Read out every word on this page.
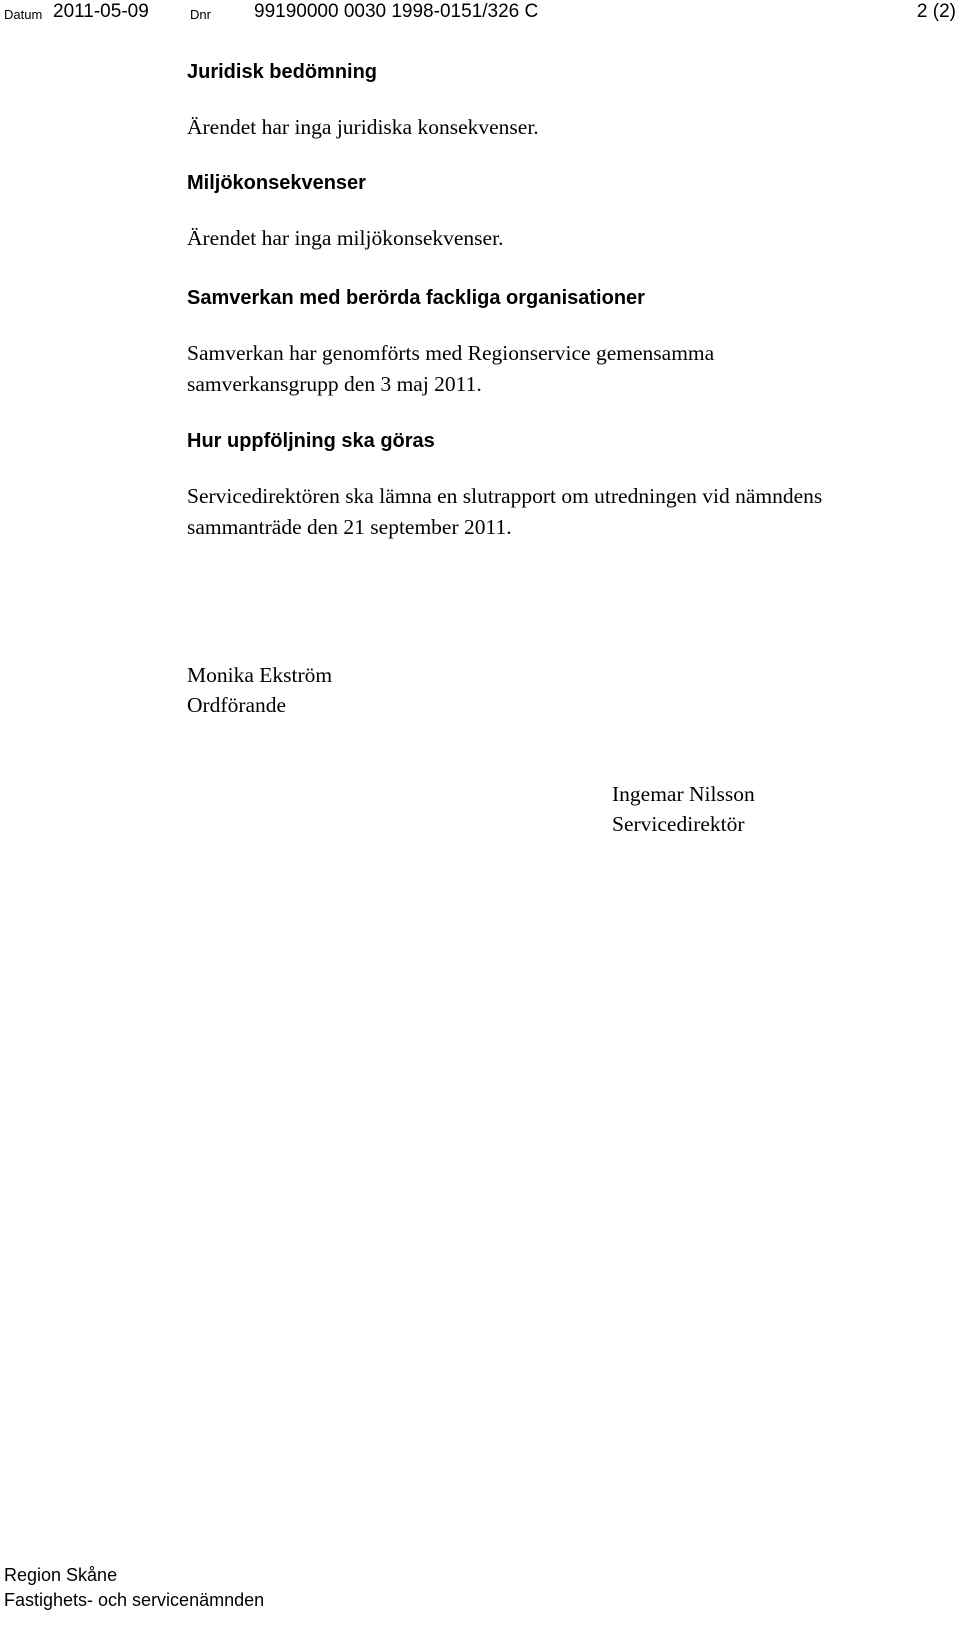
Datum 2011-05-09	Dnr 99190000 0030 1998-0151/326 C	2 (2)
Juridisk bedömning
Ärendet har inga juridiska konsekvenser.
Miljökonsekvenser
Ärendet har inga miljökonsekvenser.
Samverkan med berörda fackliga organisationer
Samverkan har genomförts med Regionservice gemensamma
samverkansgrupp den 3 maj 2011.
Hur uppföljning ska göras
Servicedirektören ska lämna en slutrapport om utredningen vid nämndens
sammanträde den 21 september 2011.
Monika Ekström
Ordförande
Ingemar Nilsson
Servicedirektör
Region Skåne
Fastighets- och servicenämnden
